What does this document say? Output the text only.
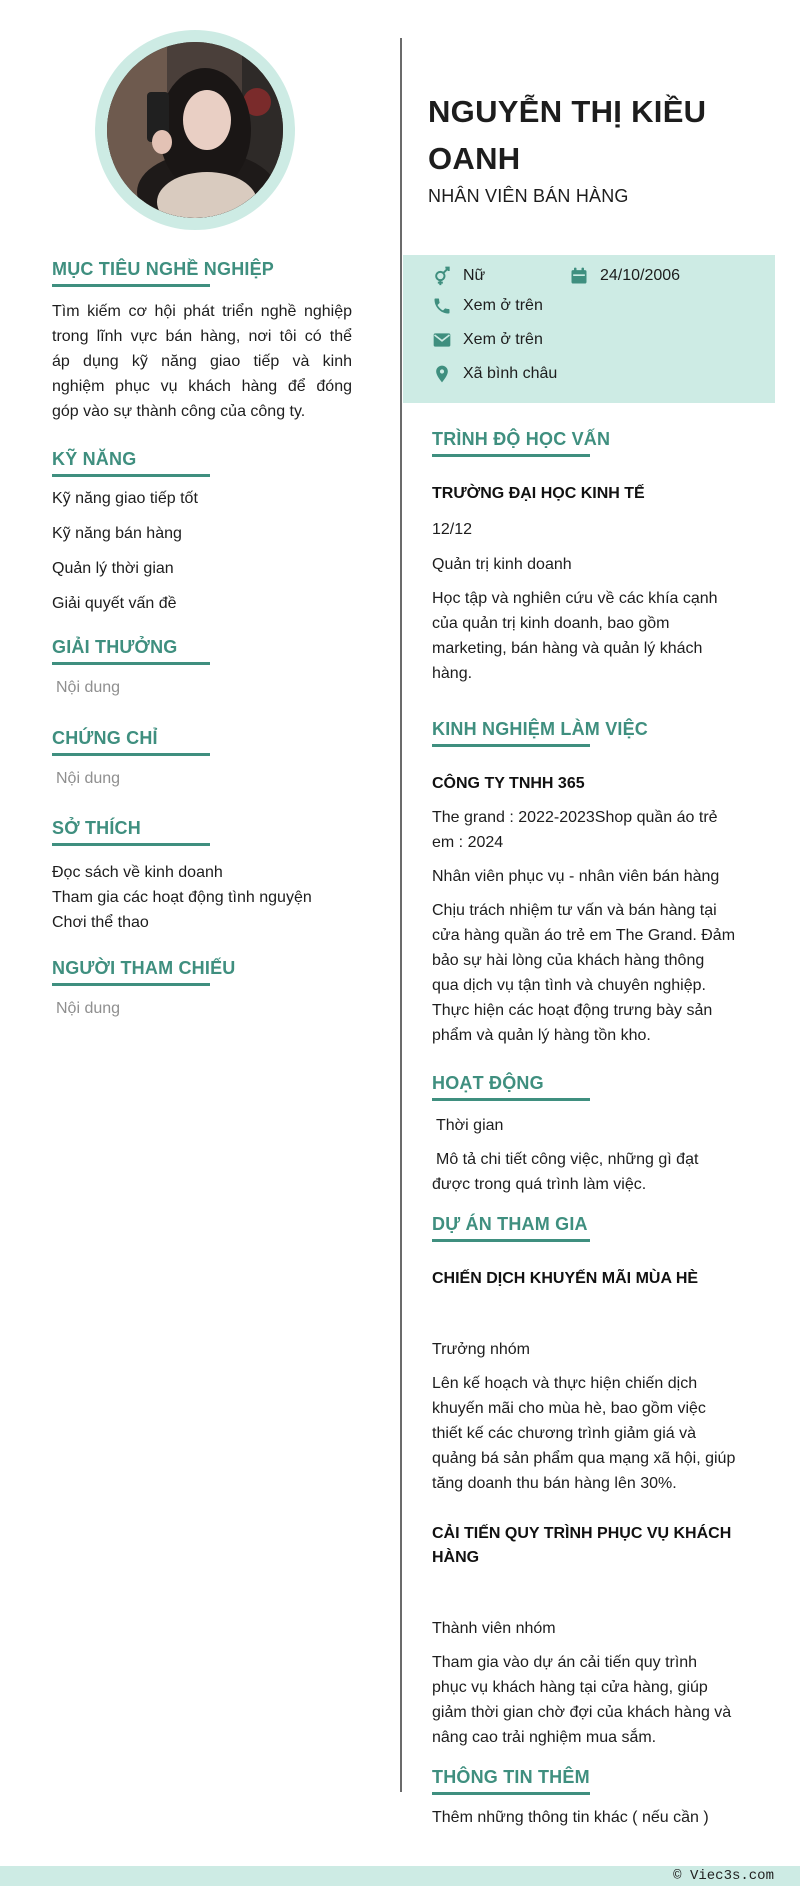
MỤC TIÊU NGHỀ NGHIỆP
Tìm kiếm cơ hội phát triển nghề nghiệp
trong lĩnh vực bán hàng, nơi tôi có thể
áp dụng kỹ năng giao tiếp và kinh
nghiệm phục vụ khách hàng để đóng
góp vào sự thành công của công ty.
KỸ NĂNG
Kỹ năng giao tiếp tốt
Kỹ năng bán hàng
Quản lý thời gian
Giải quyết vấn đề
GIẢI THƯỞNG
Nội dung
CHỨNG CHỈ
Nội dung
SỞ THÍCH
Đọc sách về kinh doanh
Tham gia các hoạt động tình nguyện
Chơi thể thao
NGƯỜI THAM CHIẾU
Nội dung
NGUYỄN THỊ KIỀU
OANH
NHÂN VIÊN BÁN HÀNG
Nữ	24/10/2006
Xem ở trên
Xem ở trên
Xã bình châu
TRÌNH ĐỘ HỌC VẤN
TRƯỜNG ĐẠI HỌC KINH TẾ
12/12
Quản trị kinh doanh
Học tập và nghiên cứu về các khía cạnh
của quản trị kinh doanh, bao gồm
marketing, bán hàng và quản lý khách
hàng.
KINH NGHIỆM LÀM VIỆC
CÔNG TY TNHH 365
The grand : 2022-2023Shop quần áo trẻ
em : 2024
Nhân viên phục vụ - nhân viên bán hàng
Chịu trách nhiệm tư vấn và bán hàng tại
cửa hàng quần áo trẻ em The Grand. Đảm
bảo sự hài lòng của khách hàng thông
qua dịch vụ tận tình và chuyên nghiệp.
Thực hiện các hoạt động trưng bày sản
phẩm và quản lý hàng tồn kho.
HOẠT ĐỘNG
Thời gian
Mô tả chi tiết công việc, những gì đạt
được trong quá trình làm việc.
DỰ ÁN THAM GIA
CHIẾN DỊCH KHUYẾN MÃI MÙA HÈ
Trưởng nhóm
Lên kế hoạch và thực hiện chiến dịch
khuyến mãi cho mùa hè, bao gồm việc
thiết kế các chương trình giảm giá và
quảng bá sản phẩm qua mạng xã hội, giúp
tăng doanh thu bán hàng lên 30%.
CẢI TIẾN QUY TRÌNH PHỤC VỤ KHÁCH
HÀNG
Thành viên nhóm
Tham gia vào dự án cải tiến quy trình
phục vụ khách hàng tại cửa hàng, giúp
giảm thời gian chờ đợi của khách hàng và
nâng cao trải nghiệm mua sắm.
THÔNG TIN THÊM
Thêm những thông tin khác ( nếu cần )
© Viec3s.com
